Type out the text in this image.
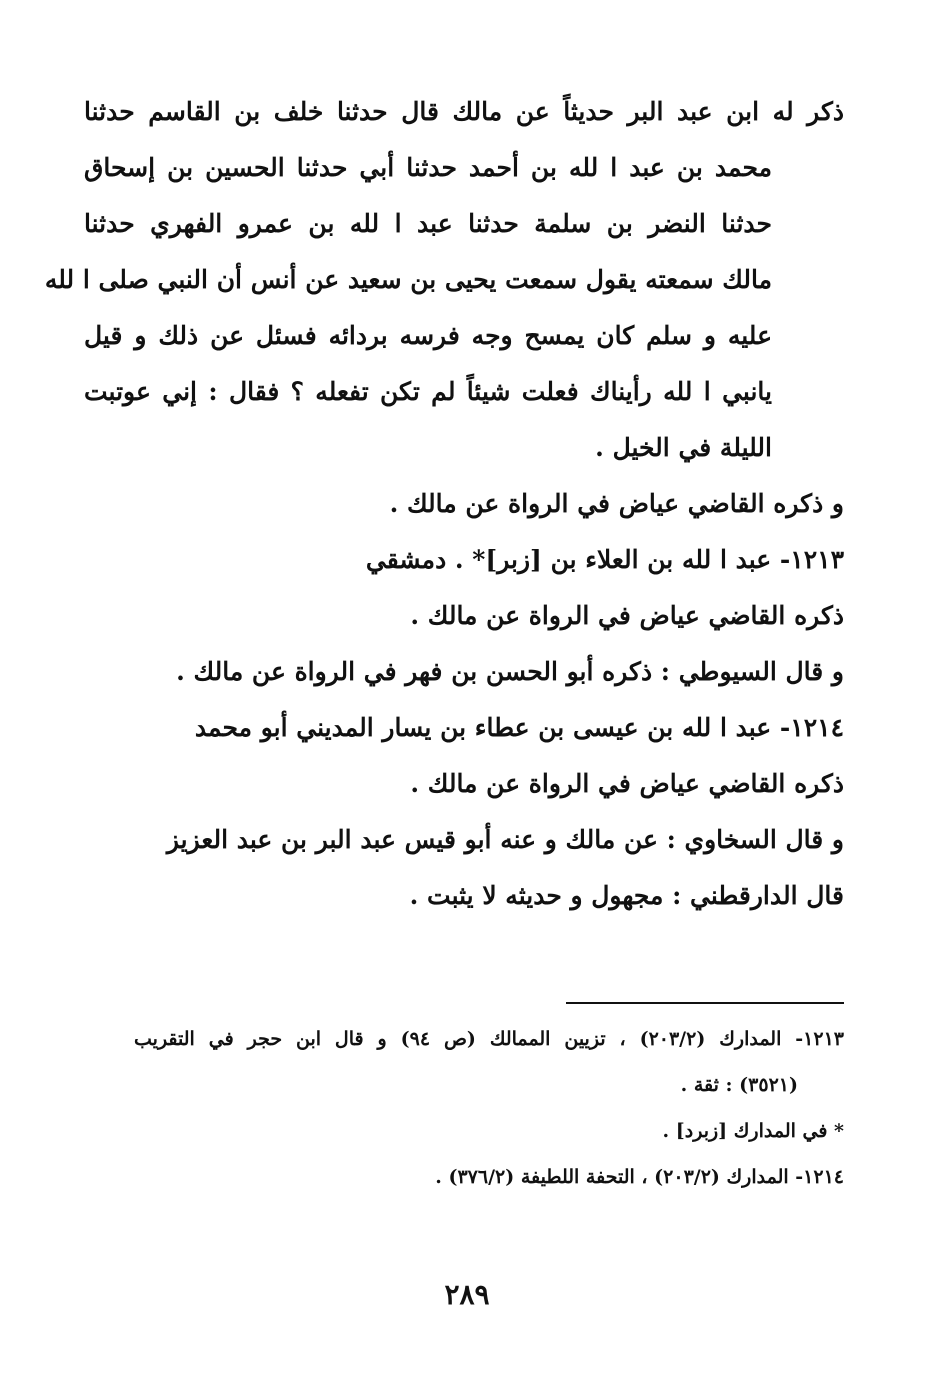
ذكر له ابن عبد البر حديثاً عن مالك قال حدثنا خلف بن القاسم حدثنا
محمد بن عبد ا لله بن أحمد حدثنا أبي حدثنا الحسين بن إسحاق
حدثنا النضر بن سلمة حدثنا عبد ا لله بن عمرو الفهري حدثنا
مالك سمعته يقول سمعت يحيى بن سعيد عن أنس أن النبي صلى ا لله
عليه و سلم كان يمسح وجه فرسه بردائه فسئل عن ذلك و قيل
يانبي ا لله رأيناك فعلت شيئاً لم تكن تفعله ؟ فقال : إني عوتبت
الليلة في الخيل .
و ذكره القاضي عياض في الرواة عن مالك .
١٢١٣- عبد ا لله بن العلاء بن [زبر]* . دمشقي
ذكره القاضي عياض في الرواة عن مالك .
و قال السيوطي : ذكره أبو الحسن بن فهر في الرواة عن مالك .
١٢١٤- عبد ا لله بن عيسى بن عطاء بن يسار المديني أبو محمد
ذكره القاضي عياض في الرواة عن مالك .
و قال السخاوي : عن مالك و عنه أبو قيس عبد البر بن عبد العزيز
قال الدارقطني : مجهول و حديثه لا يثبت .
١٢١٣- المدارك (٢٠٣/٢) ، تزيين الممالك (ص ٩٤) و قال ابن حجر في التقريب
(٣٥٢١) : ثقة .
* في المدارك [زبرد] .
١٢١٤- المدارك (٢٠٣/٢) ، التحفة اللطيفة (٣٧٦/٢) .
٢٨٩
